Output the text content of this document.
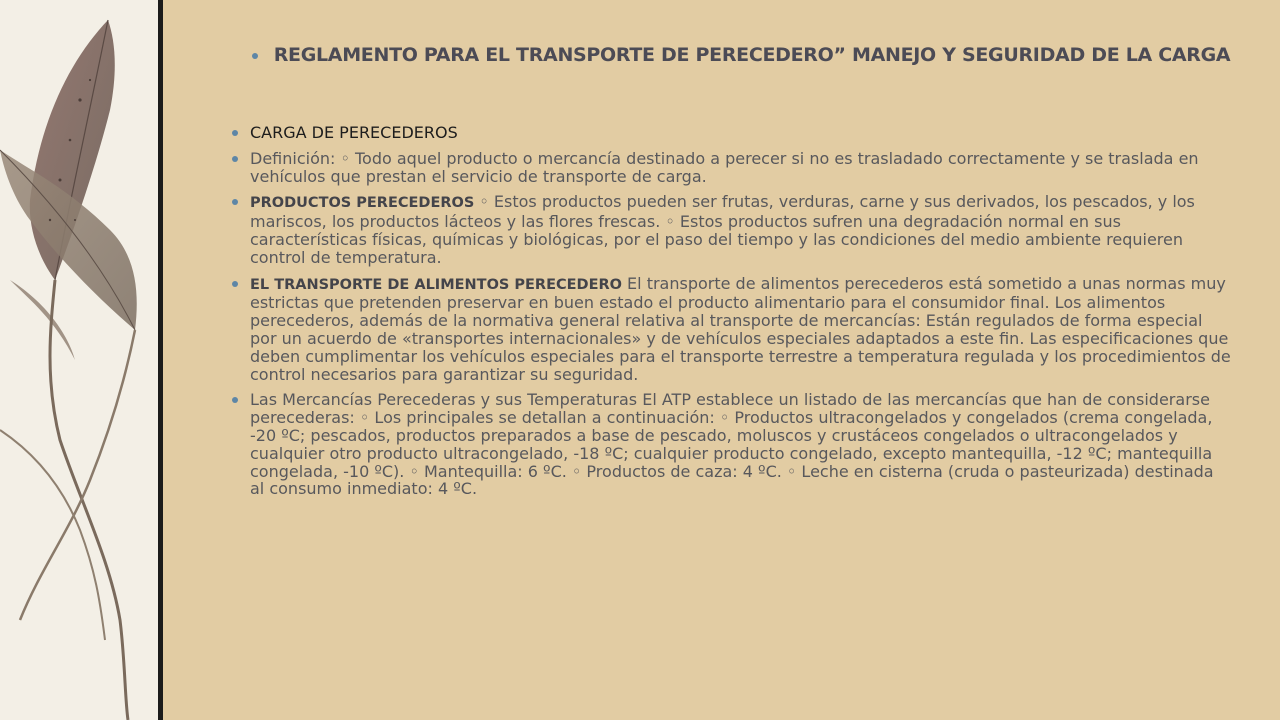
REGLAMENTO PARA EL TRANSPORTE DE PERECEDERO” MANEJO Y SEGURIDAD DE LA CARGA
CARGA DE PERECEDEROS
Definición: ◦ Todo aquel producto o mercancía destinado a perecer si no es trasladado correctamente y se traslada en vehículos que prestan el servicio de transporte de carga.
PRODUCTOS PERECEDEROS ◦ Estos productos pueden ser frutas, verduras, carne y sus derivados, los pescados, y los mariscos, los productos lácteos y las flores frescas. ◦ Estos productos sufren una degradación normal en sus características físicas, químicas y biológicas, por el paso del tiempo y las condiciones del medio ambiente requieren control de temperatura.
EL TRANSPORTE DE ALIMENTOS PERECEDERO El transporte de alimentos perecederos está sometido a unas normas muy estrictas que pretenden preservar en buen estado el producto alimentario para el consumidor final. Los alimentos perecederos, además de la normativa general relativa al transporte de mercancías: Están regulados de forma especial por un acuerdo de «transportes internacionales» y de vehículos especiales adaptados a este fin. Las especificaciones que deben cumplimentar los vehículos especiales para el transporte terrestre a temperatura regulada y los procedimientos de control necesarios para garantizar su seguridad.
Las Mercancías Perecederas y sus Temperaturas El ATP establece un listado de las mercancías que han de considerarse perecederas: ◦ Los principales se detallan a continuación: ◦ Productos ultracongelados y congelados (crema congelada, -20 ºC; pescados, productos preparados a base de pescado, moluscos y crustáceos congelados o ultracongelados y cualquier otro producto ultracongelado, -18 ºC; cualquier producto congelado, excepto mantequilla, -12 ºC; mantequilla congelada, -10 ºC). ◦ Mantequilla: 6 ºC. ◦ Productos de caza: 4 ºC. ◦ Leche en cisterna (cruda o pasteurizada) destinada al consumo inmediato: 4 ºC.
